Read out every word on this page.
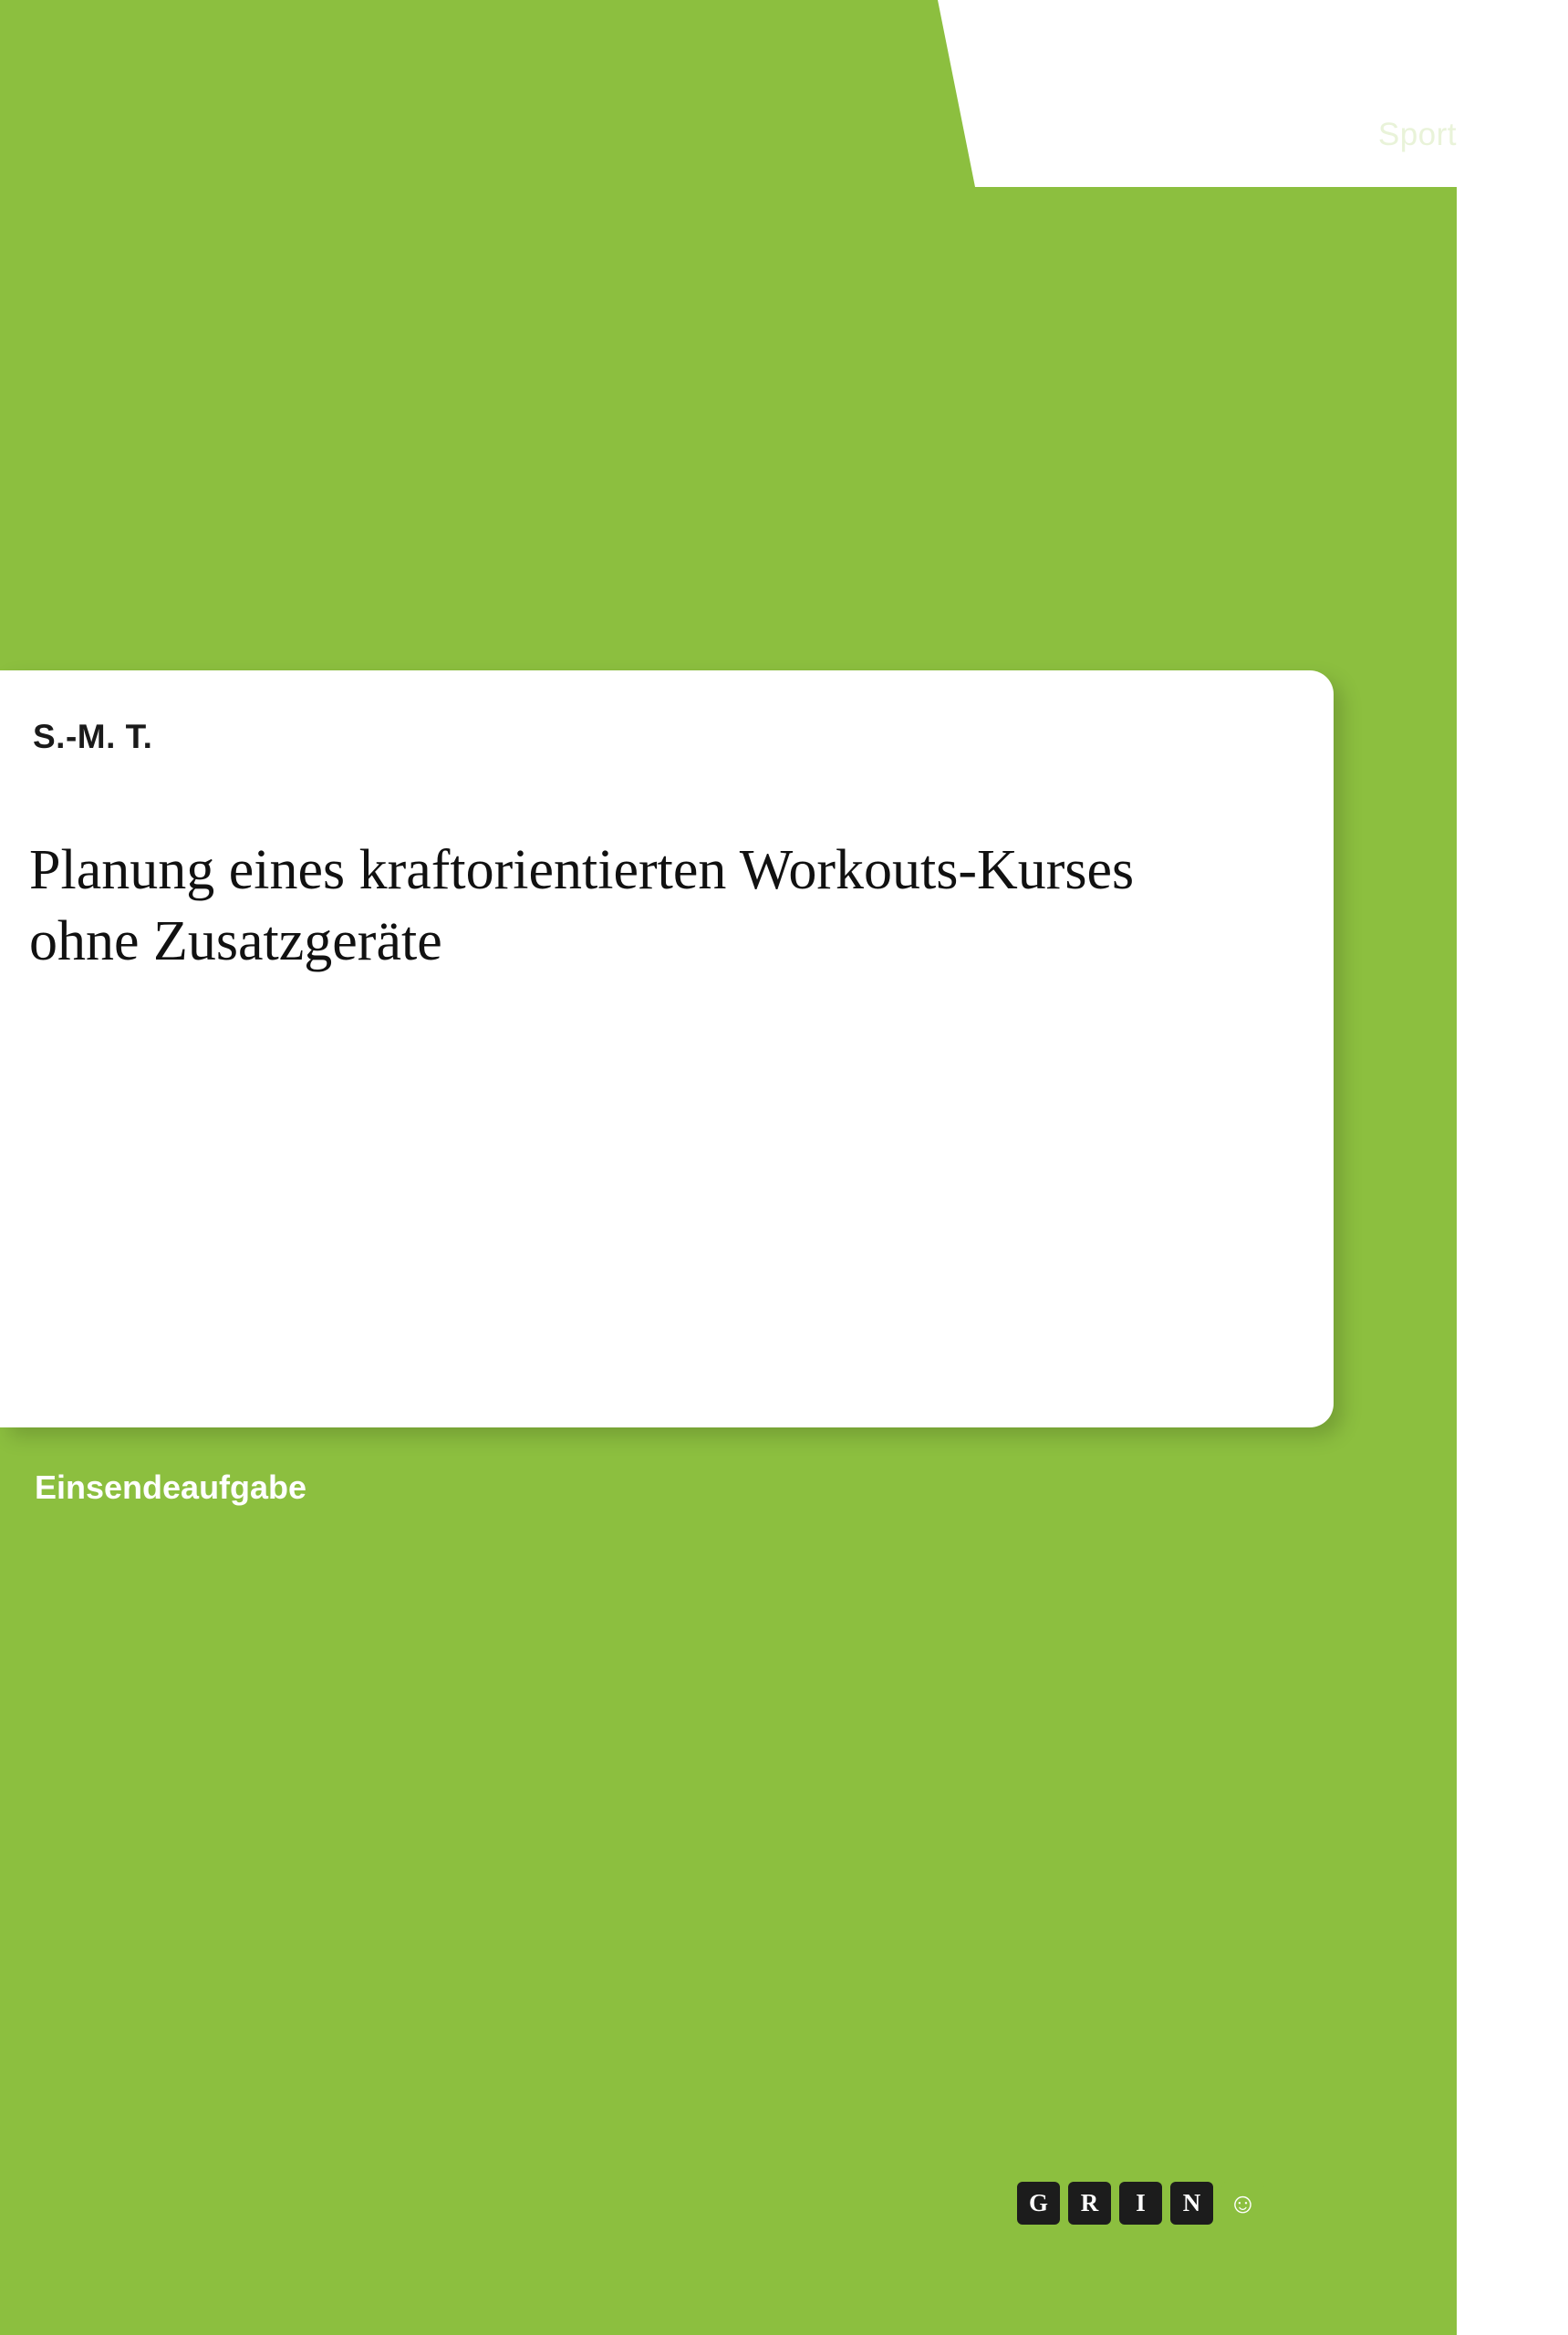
Sport
S.-M. T.
Planung eines kraftorientierten Workouts-Kurses ohne Zusatzgeräte
Einsendeaufgabe
G	R	I	N ☺
